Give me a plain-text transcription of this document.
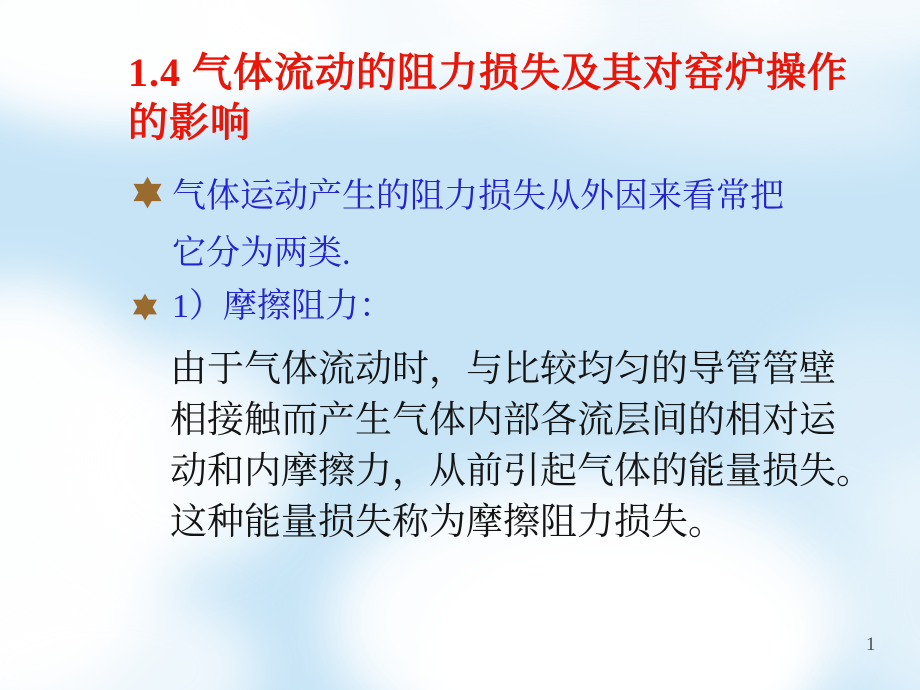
1.4 气体流动的阻力损失及其对窑炉操作
的影响
气体运动产生的阻力损失从外因来看常把
它分为两类.
1）摩擦阻力：
由于气体流动时，与比较均匀的导管管壁
相接触而产生气体内部各流层间的相对运
动和内摩擦力，从前引起气体的能量损失。
这种能量损失称为摩擦阻力损失。
1
